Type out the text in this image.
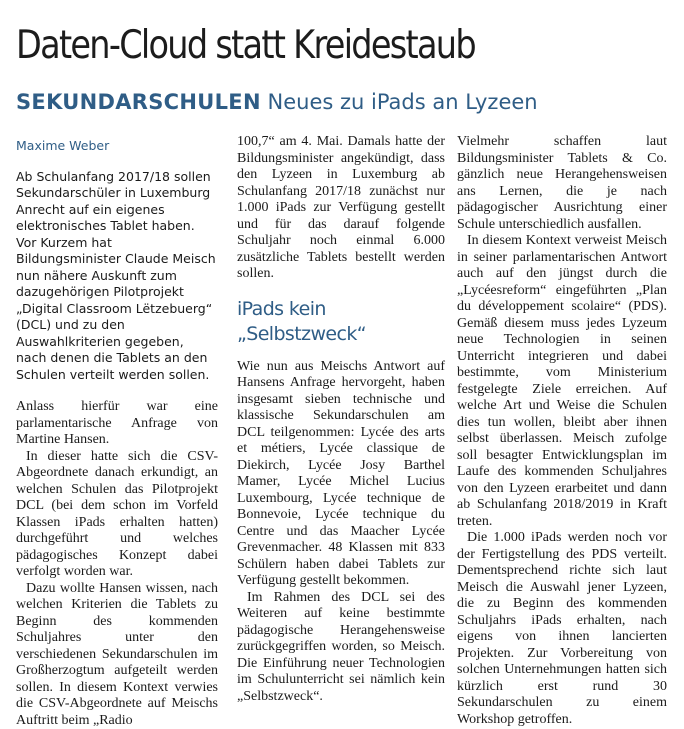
Daten-Cloud statt Kreidestaub
SEKUNDARSCHULEN Neues zu iPads an Lyzeen
Maxime Weber

Ab Schulanfang 2017/18 sollen Sekundarschüler in Luxemburg Anrecht auf ein eigenes elektronisches Tablet haben. Vor Kurzem hat Bildungsminister Claude Meisch nun nähere Auskunft zum dazugehörigen Pilotprojekt „Digital Classroom Lëtzebuerg“ (DCL) und zu den Auswahlkriterien gegeben, nach denen die Tablets an den Schulen verteilt werden sollen.

Anlass hierfür war eine parlamentarische Anfrage von Martine Hansen.

In dieser hatte sich die CSV-Abgeordnete danach erkundigt, an welchen Schulen das Pilotprojekt DCL (bei dem schon im Vorfeld Klassen iPads erhalten hatten) durchgeführt und welches pädagogisches Konzept dabei verfolgt worden war.

Dazu wollte Hansen wissen, nach welchen Kriterien die Tablets zu Beginn des kommenden Schuljahres unter den verschiedenen Sekundarschulen im Großherzogtum aufgeteilt werden sollen. In diesem Kontext verwies die CSV-Abgeordnete auf Meischs Auftritt beim „Radio

100,7“ am 4. Mai. Damals hatte der Bildungsminister angekündigt, dass den Lyzeen in Luxemburg ab Schulanfang 2017/18 zunächst nur 1.000 iPads zur Verfügung gestellt und für das darauf folgende Schuljahr noch einmal 6.000 zusätzliche Tablets bestellt werden sollen.

iPads kein „Selbstzweck“

Wie nun aus Meischs Antwort auf Hansens Anfrage hervorgeht, haben insgesamt sieben technische und klassische Sekundarschulen am DCL teilgenommen: Lycée des arts et métiers, Lycée classique de Diekirch, Lycée Josy Barthel Mamer, Lycée Michel Lucius Luxembourg, Lycée technique de Bonnevoie, Lycée technique du Centre und das Maacher Lycée Grevenmacher. 48 Klassen mit 833 Schülern haben dabei Tablets zur Verfügung gestellt bekommen.

Im Rahmen des DCL sei des Weiteren auf keine bestimmte pädagogische Herangehensweise zurückgegriffen worden, so Meisch. Die Einführung neuer Technologien im Schulunterricht sei nämlich kein „Selbstzweck“.

Vielmehr schaffen laut Bildungsminister Tablets & Co. gänzlich neue Herangehensweisen ans Lernen, die je nach pädagogischer Ausrichtung einer Schule unterschiedlich ausfallen.

In diesem Kontext verweist Meisch in seiner parlamentarischen Antwort auch auf den jüngst durch die „Lycéesreform“ eingeführten „Plan du développement scolaire“ (PDS). Gemäß diesem muss jedes Lyzeum neue Technologien in seinen Unterricht integrieren und dabei bestimmte, vom Ministerium festgelegte Ziele erreichen. Auf welche Art und Weise die Schulen dies tun wollen, bleibt aber ihnen selbst überlassen. Meisch zufolge soll besagter Entwicklungsplan im Laufe des kommenden Schuljahres von den Lyzeen erarbeitet und dann ab Schulanfang 2018/2019 in Kraft treten.

Die 1.000 iPads werden noch vor der Fertigstellung des PDS verteilt. Dementsprechend richte sich laut Meisch die Auswahl jener Lyzeen, die zu Beginn des kommenden Schuljahrs iPads erhalten, nach eigens von ihnen lancierten Projekten. Zur Vorbereitung von solchen Unternehmungen hatten sich kürzlich erst rund 30 Sekundarschulen zu einem Workshop getroffen.
